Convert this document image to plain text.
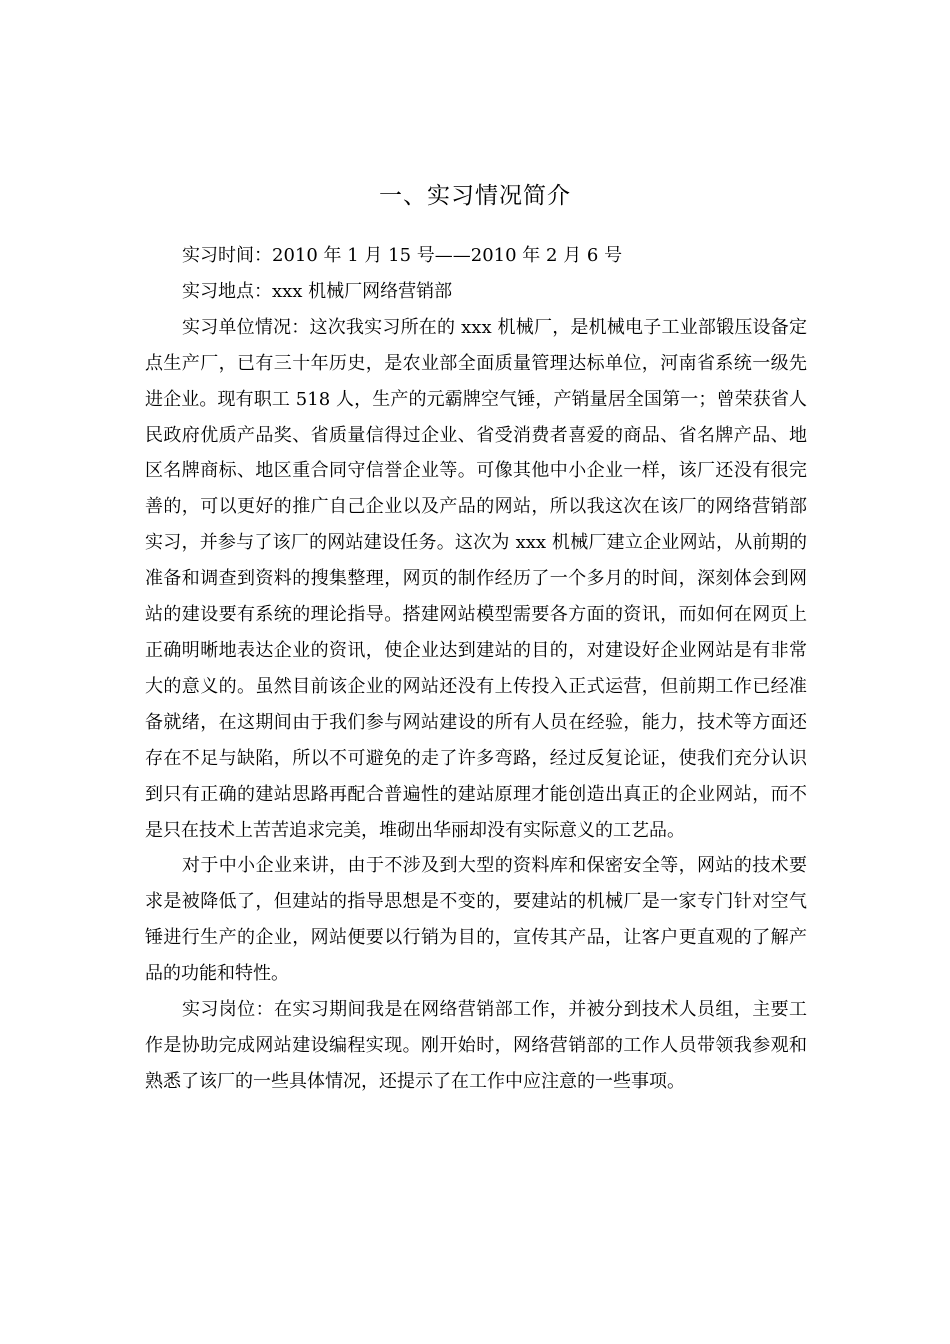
一、实习情况简介

实习时间：2010 年 1 月 15 号——2010 年 2 月 6 号

实习地点：xxx 机械厂网络营销部

实习单位情况：这次我实习所在的 xxx 机械厂，是机械电子工业部锻压设备定点生产厂，已有三十年历史，是农业部全面质量管理达标单位，河南省系统一级先进企业。现有职工 518 人，生产的元霸牌空气锤，产销量居全国第一；曾荣获省人民政府优质产品奖、省质量信得过企业、省受消费者喜爱的商品、省名牌产品、地区名牌商标、地区重合同守信誉企业等。可像其他中小企业一样，该厂还没有很完善的，可以更好的推广自己企业以及产品的网站，所以我这次在该厂的网络营销部实习，并参与了该厂的网站建设任务。这次为 xxx 机械厂建立企业网站，从前期的准备和调查到资料的搜集整理，网页的制作经历了一个多月的时间，深刻体会到网站的建设要有系统的理论指导。搭建网站模型需要各方面的资讯，而如何在网页上正确明晰地表达企业的资讯，使企业达到建站的目的，对建设好企业网站是有非常大的意义的。虽然目前该企业的网站还没有上传投入正式运营，但前期工作已经准备就绪，在这期间由于我们参与网站建设的所有人员在经验，能力，技术等方面还存在不足与缺陷，所以不可避免的走了许多弯路，经过反复论证，使我们充分认识到只有正确的建站思路再配合普遍性的建站原理才能创造出真正的企业网站，而不是只在技术上苦苦追求完美，堆砌出华丽却没有实际意义的工艺品。

对于中小企业来讲，由于不涉及到大型的资料库和保密安全等，网站的技术要求是被降低了，但建站的指导思想是不变的，要建站的机械厂是一家专门针对空气锤进行生产的企业，网站便要以行销为目的，宣传其产品，让客户更直观的了解产品的功能和特性。

实习岗位：在实习期间我是在网络营销部工作，并被分到技术人员组，主要工作是协助完成网站建设编程实现。刚开始时，网络营销部的工作人员带领我参观和熟悉了该厂的一些具体情况，还提示了在工作中应注意的一些事项。
